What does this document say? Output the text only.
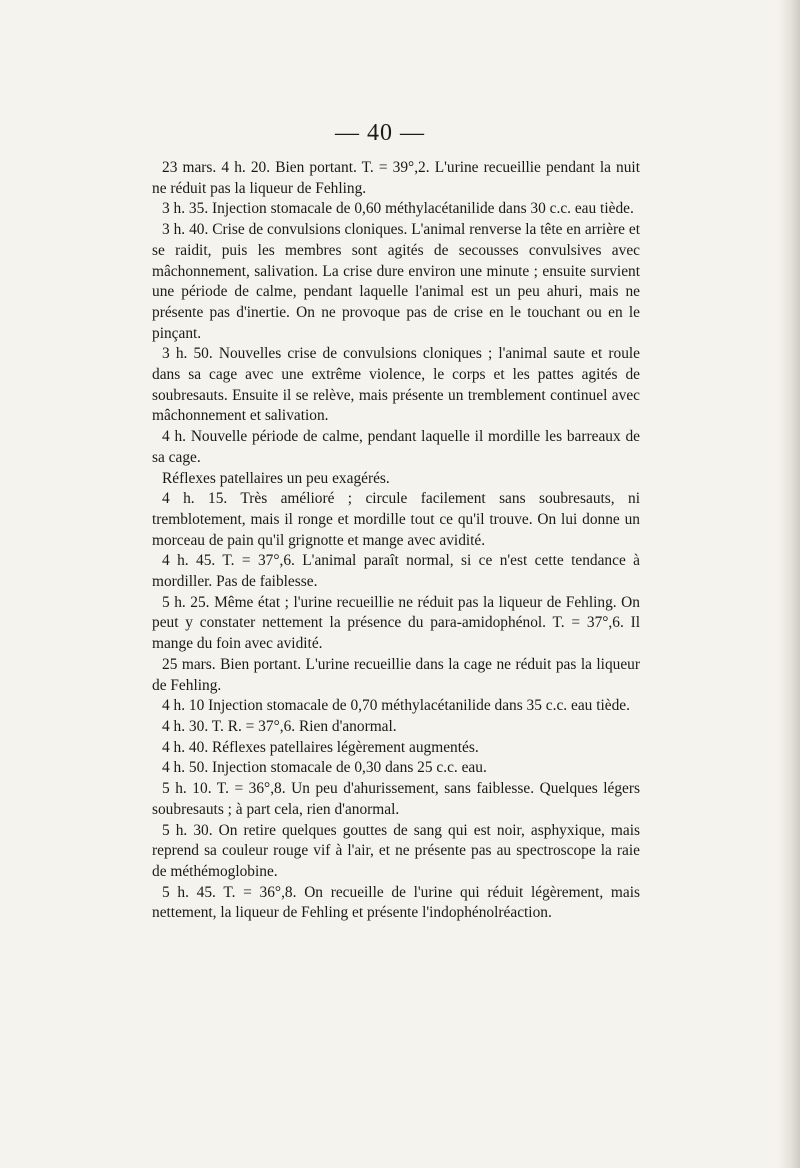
— 40 —

23 mars. 4 h. 20. Bien portant. T. = 39°,2. L'urine recueillie pendant la nuit ne réduit pas la liqueur de Fehling.

3 h. 35. Injection stomacale de 0,60 méthylacétanilide dans 30 c.c. eau tiède.

3 h. 40. Crise de convulsions cloniques. L'animal renverse la tête en arrière et se raidit, puis les membres sont agités de secousses convulsives avec mâchonnement, salivation. La crise dure environ une minute ; ensuite survient une période de calme, pendant laquelle l'animal est un peu ahuri, mais ne présente pas d'inertie. On ne provoque pas de crise en le touchant ou en le pinçant.

3 h. 50. Nouvelles crise de convulsions cloniques ; l'animal saute et roule dans sa cage avec une extrême violence, le corps et les pattes agités de soubresauts. Ensuite il se relève, mais présente un tremblement continuel avec mâchonnement et salivation.

4 h. Nouvelle période de calme, pendant laquelle il mordille les barreaux de sa cage.

Réflexes patellaires un peu exagérés.

4 h. 15. Très amélioré ; circule facilement sans soubresauts, ni tremblotement, mais il ronge et mordille tout ce qu'il trouve. On lui donne un morceau de pain qu'il grignotte et mange avec avidité.

4 h. 45. T. = 37°,6. L'animal paraît normal, si ce n'est cette tendance à mordiller. Pas de faiblesse.

5 h. 25. Même état ; l'urine recueillie ne réduit pas la liqueur de Fehling. On peut y constater nettement la présence du para-amidophénol. T. = 37°,6. Il mange du foin avec avidité.

25 mars. Bien portant. L'urine recueillie dans la cage ne réduit pas la liqueur de Fehling.

4 h. 10 Injection stomacale de 0,70 méthylacétanilide dans 35 c.c. eau tiède.

4 h. 30. T. R. = 37°,6. Rien d'anormal.

4 h. 40. Réflexes patellaires légèrement augmentés.

4 h. 50. Injection stomacale de 0,30 dans 25 c.c. eau.

5 h. 10. T. = 36°,8. Un peu d'ahurissement, sans faiblesse. Quelques légers soubresauts ; à part cela, rien d'anormal.

5 h. 30. On retire quelques gouttes de sang qui est noir, asphyxique, mais reprend sa couleur rouge vif à l'air, et ne présente pas au spectroscope la raie de méthémoglobine.

5 h. 45. T. = 36°,8. On recueille de l'urine qui réduit légèrement, mais nettement, la liqueur de Fehling et présente l'indophénolréaction.
